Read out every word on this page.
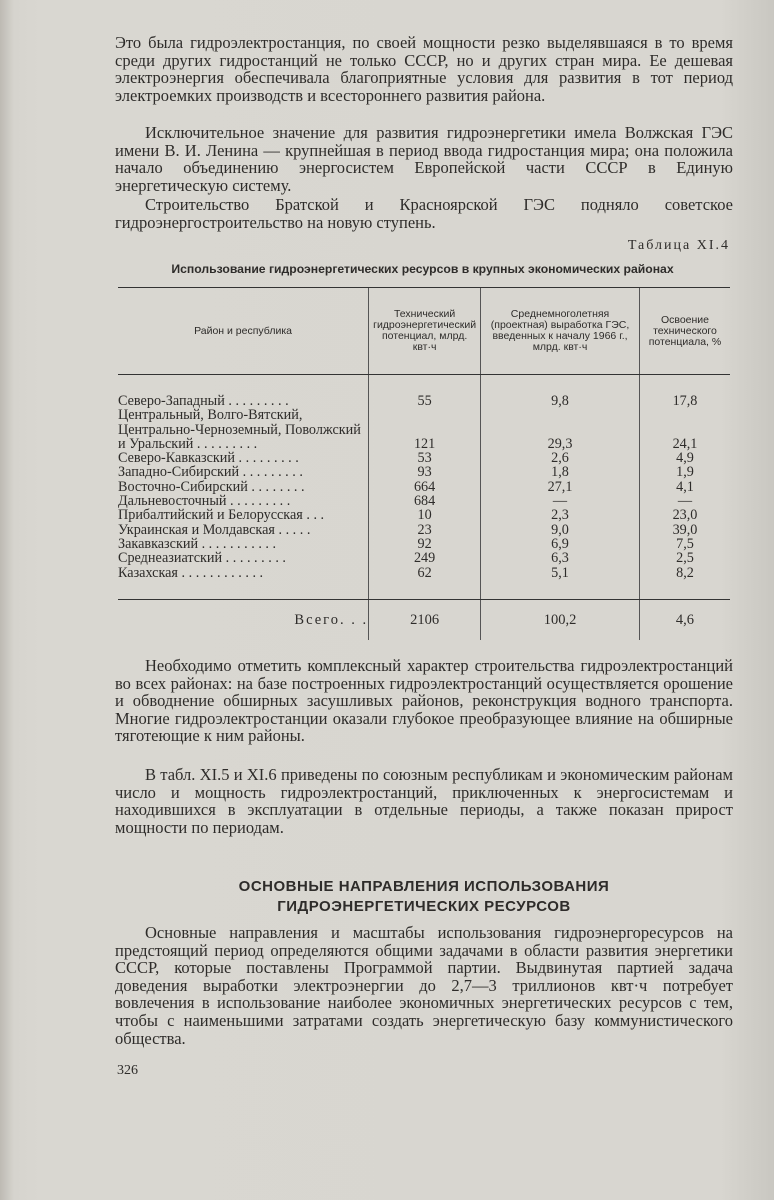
Это была гидроэлектростанция, по своей мощности резко выделявшаяся в то время среди других гидростанций не только СССР, но и других стран мира. Ее дешевая электроэнергия обеспечивала благоприятные условия для развития в тот период электроемких производств и всестороннего развития района.

Исключительное значение для развития гидроэнергетики имела Волжская ГЭС имени В. И. Ленина — крупнейшая в период ввода гидростанция мира; она положила начало объединению энергосистем Европейской части СССР в Единую энергетическую систему.

Строительство Братской и Красноярской ГЭС подняло советское гидроэнергостроительство на новую ступень.

Таблица XI.4
Использование гидроэнергетических ресурсов в крупных экономических районах
Район и республика	Технический гидроэнергетический потенциал, млрд. квт·ч	Среднемноголетняя (проектная) выработка ГЭС, введенных к началу 1966 г., млрд. квт·ч	Освоение технического потенциала, %

Северо-Западный . . . . . . . . .	55	9,8	17,8
Центральный, Волго-Вятский, Центрально-Черноземный, Поволжский и Уральский . . . . . . . . .	121	29,3	24,1
Северо-Кавказский . . . . . . . . .	53	2,6	4,9
Западно-Сибирский . . . . . . . . .	93	1,8	1,9
Восточно-Сибирский . . . . . . . .	664	27,1	4,1
Дальневосточный . . . . . . . . .	684	—	—
Прибалтийский и Белорусская . . .	10	2,3	23,0
Украинская и Молдавская . . . . .	23	9,0	39,0
Закавказский . . . . . . . . . . .	92	6,9	7,5
Среднеазиатский . . . . . . . . .	249	6,3	2,5
Казахская . . . . . . . . . . . .	62	5,1	8,2

Всего. . .	2106	100,2	4,6

Необходимо отметить комплексный характер строительства гидроэлектростанций во всех районах: на базе построенных гидроэлектростанций осуществляется орошение и обводнение обширных засушливых районов, реконструкция водного транспорта. Многие гидроэлектростанции оказали глубокое преобразующее влияние на обширные тяготеющие к ним районы.

В табл. XI.5 и XI.6 приведены по союзным республикам и экономическим районам число и мощность гидроэлектростанций, приключенных к энергосистемам и находившихся в эксплуатации в отдельные периоды, а также показан прирост мощности по периодам.

ОСНОВНЫЕ НАПРАВЛЕНИЯ ИСПОЛЬЗОВАНИЯ
ГИДРОЭНЕРГЕТИЧЕСКИХ РЕСУРСОВ

Основные направления и масштабы использования гидроэнергоресурсов на предстоящий период определяются общими задачами в области развития энергетики СССР, которые поставлены Программой партии. Выдвинутая партией задача доведения выработки электроэнергии до 2,7—3 триллионов квт·ч потребует вовлечения в использование наиболее экономичных энергетических ресурсов с тем, чтобы с наименьшими затратами создать энергетическую базу коммунистического общества.

326
